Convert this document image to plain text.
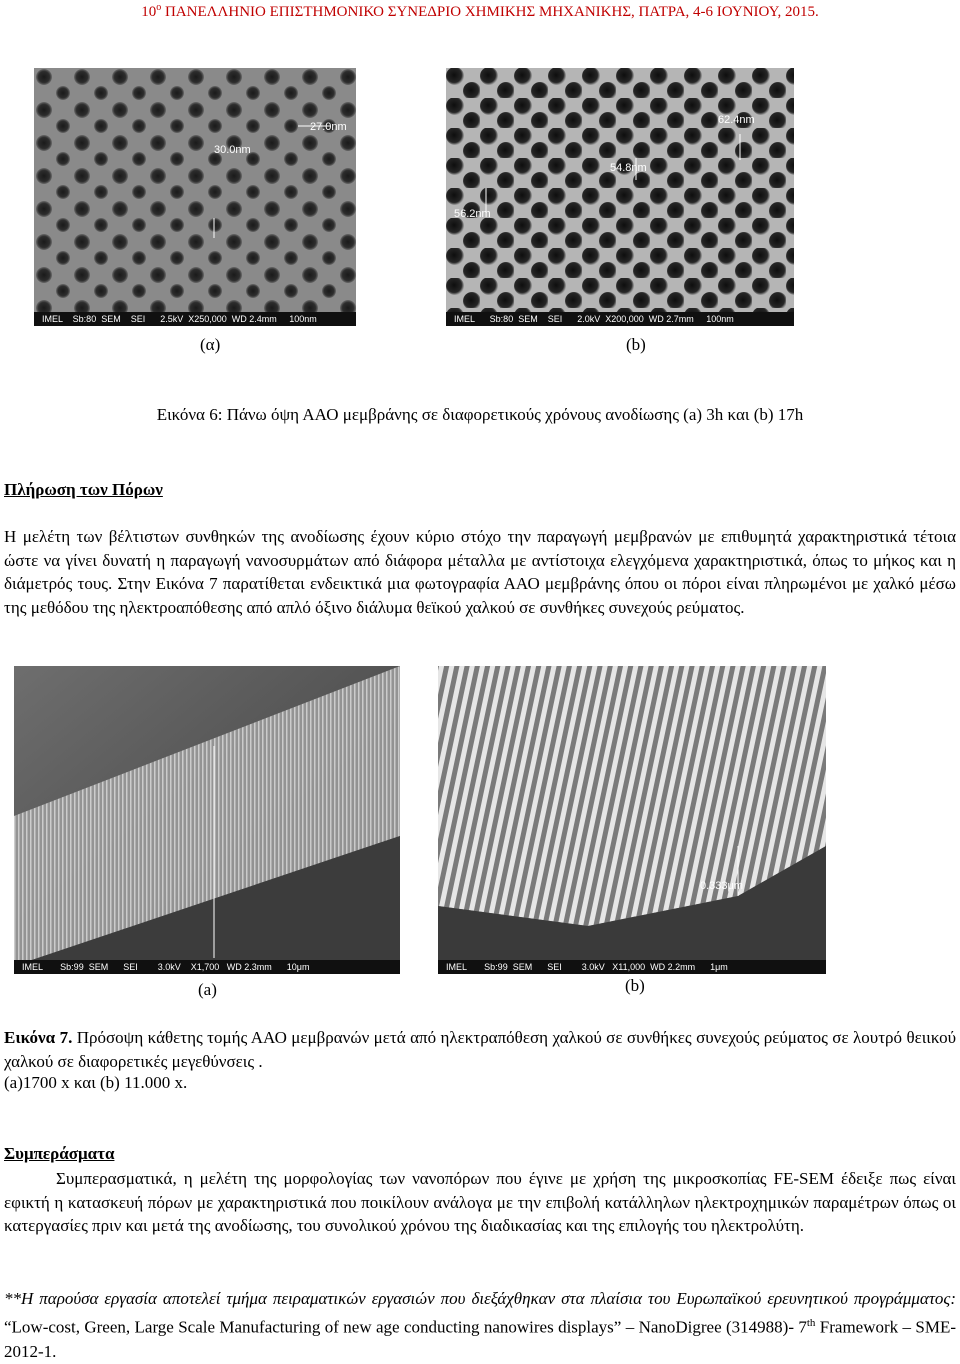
$10^o$ ΠΑΝΕΛΛΗΝΙΟ ΕΠΙΣΤΗΜΟΝΙΚΟ ΣΥΝΕΔΡΙΟ ΧΗΜΙΚΗΣ ΜΗΧΑΝΙΚΗΣ, ΠΑΤΡΑ, 4-6 ΙΟΥΝΙΟΥ, 2015.
27.0nm
30.0nm
IMEL    Sb:80  SEM    SEI      2.5kV  X250,000  WD 2.4mm     100nm
62.4nm
54.8nm
56.2nm
IMEL      Sb:80  SEM    SEI      2.0kV  X200,000  WD 2.7mm     100nm
(α)	(b)
Εικόνα 6: Πάνω όψη ΑΑΟ μεμβράνης σε διαφορετικούς χρόνους ανοδίωσης (a) 3h και (b) 17h
Πλήρωση των Πόρων
Η μελέτη των βέλτιστων συνθηκών της ανοδίωσης έχουν κύριο στόχο την παραγωγή μεμβρανών με επιθυμητά χαρακτηριστικά τέτοια ώστε να γίνει δυνατή η παραγωγή νανοσυρμάτων από διάφορα μέταλλα με αντίστοιχα ελεγχόμενα χαρακτηριστικά, όπως το μήκος και η διάμετρός τους. Στην Εικόνα 7 παρατίθεται ενδεικτικά μια φωτογραφία ΑΑΟ μεμβράνης όπου οι πόροι είναι πληρωμένοι με χαλκό μέσω της μεθόδου της ηλεκτροαπόθεσης από απλό όξινο διάλυμα θεϊκού χαλκού σε συνθήκες συνεχούς ρεύματος.
IMEL       Sb:99  SEM      SEI        3.0kV    X1,700   WD 2.3mm      10μm
0.333μm
IMEL       Sb:99  SEM      SEI        3.0kV   X11,000  WD 2.2mm      1μm
(a)	(b)
Εικόνα 7. Πρόσοψη κάθετης τομής ΑΑΟ μεμβρανών μετά από ηλεκτραπόθεση χαλκού σε συνθήκες συνεχούς ρεύματος σε λουτρό θειικού χαλκού σε διαφορετικές μεγεθύνσεις .
(a)1700 x και (b) 11.000 x.
Συμπεράσματα
Συμπερασματικά, η μελέτη της μορφολογίας των νανοπόρων που έγινε με χρήση της μικροσκοπίας FE-SEM έδειξε πως είναι εφικτή η κατασκευή πόρων με χαρακτηριστικά που ποικίλουν ανάλογα με την επιβολή κατάλληλων ηλεκτροχημικών παραμέτρων όπως οι κατεργασίες πριν και μετά της ανοδίωσης, του συνολικού χρόνου της διαδικασίας και της επιλογής του ηλεκτρολύτη.
**Η παρούσα εργασία αποτελεί τμήμα πειραματικών εργασιών που διεξάχθηκαν στα πλαίσια του Ευρωπαϊκού ερευνητικού προγράμματος: “Low-cost, Green, Large Scale Manufacturing of new age conducting nanowires displays” – NanoDigree (314988)- 7th Framework – SME-2012-1.
